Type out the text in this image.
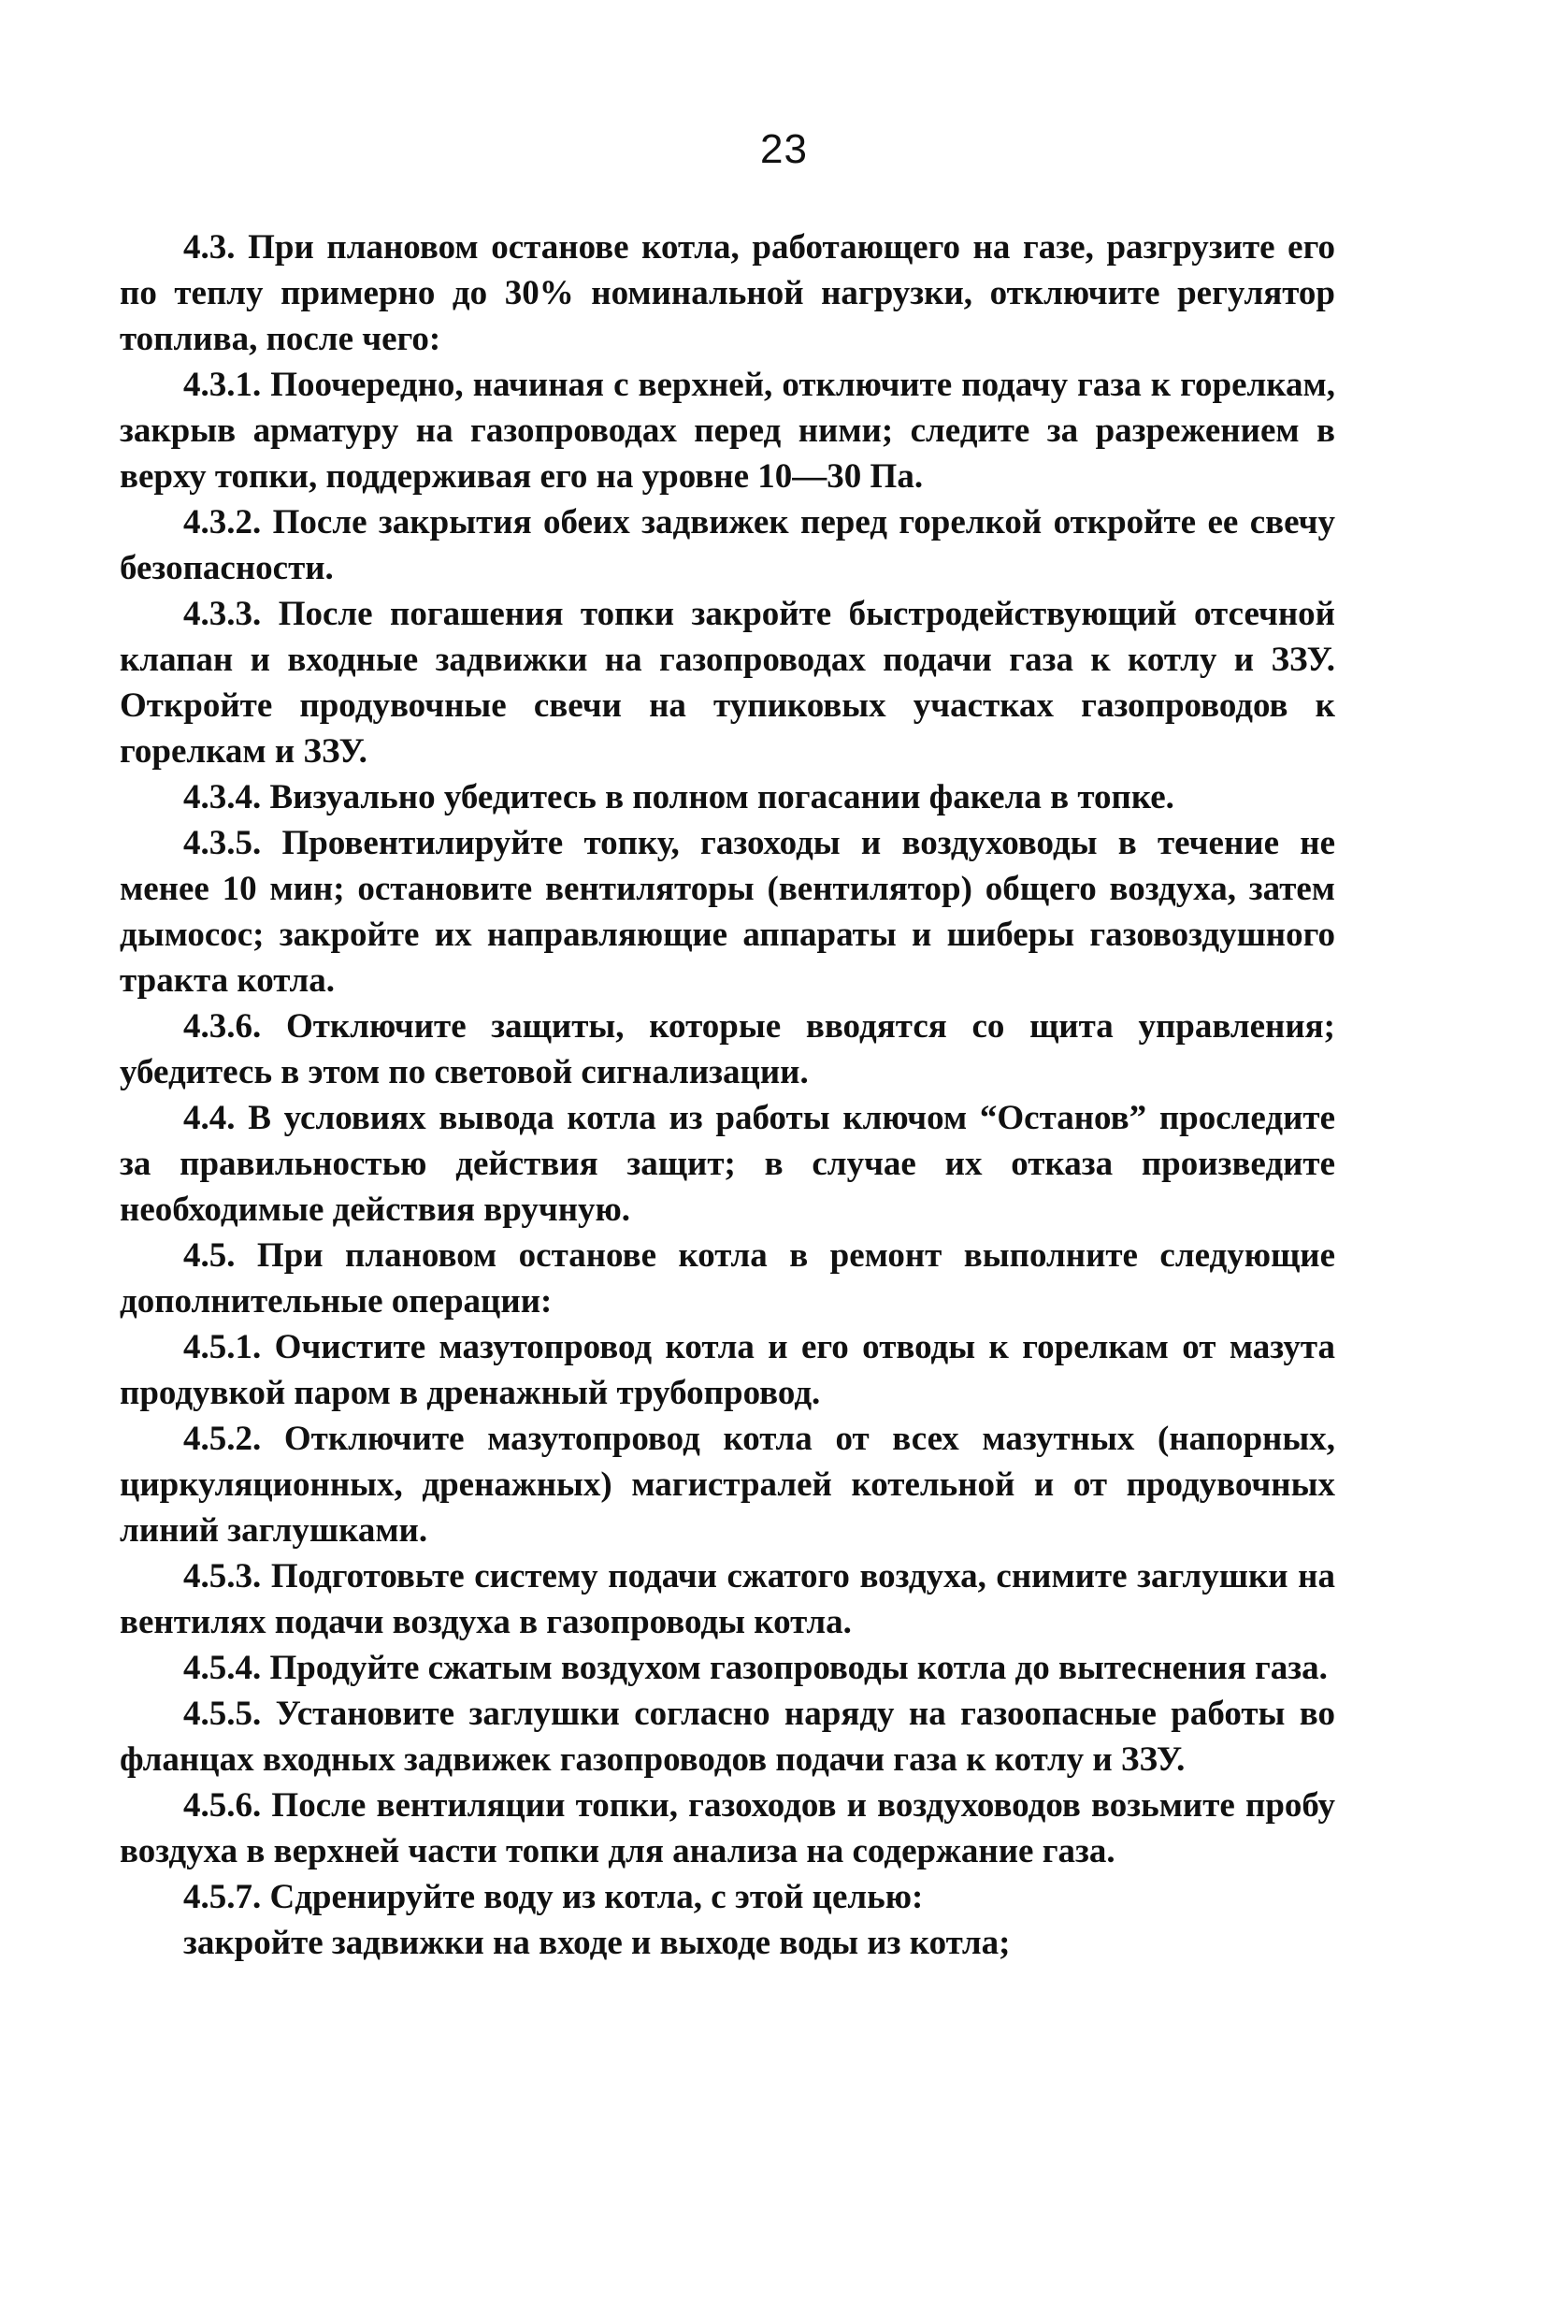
23

4.3. При плановом останове котла, работающего на газе, разгрузите его по теплу примерно до 30% номинальной нагрузки, отключите регулятор топлива, после чего:

4.3.1. Поочередно, начиная с верхней, отключите подачу газа к горелкам, закрыв арматуру на газопроводах перед ними; следите за разрежением в верху топки, поддерживая его на уровне 10—30 Па.

4.3.2. После закрытия обеих задвижек перед горелкой откройте ее свечу безопасности.

4.3.3. После погашения топки закройте быстродействующий отсечной клапан и входные задвижки на газопроводах подачи газа к котлу и ЗЗУ. Откройте продувочные свечи на тупиковых участках газопроводов к горелкам и ЗЗУ.

4.3.4. Визуально убедитесь в полном погасании факела в топке.

4.3.5. Провентилируйте топку, газоходы и воздуховоды в течение не менее 10 мин; остановите вентиляторы (вентилятор) общего воздуха, затем дымосос; закройте их направляющие аппараты и шиберы газовоздушного тракта котла.

4.3.6. Отключите защиты, которые вводятся со щита управления; убедитесь в этом по световой сигнализации.

4.4. В условиях вывода котла из работы ключом “Останов” проследите за правильностью действия защит; в случае их отказа произведите необходимые действия вручную.

4.5. При плановом останове котла в ремонт выполните следующие дополнительные операции:

4.5.1. Очистите мазутопровод котла и его отводы к горелкам от мазута продувкой паром в дренажный трубопровод.

4.5.2. Отключите мазутопровод котла от всех мазутных (напорных, циркуляционных, дренажных) магистралей котельной и от продувочных линий заглушками.

4.5.3. Подготовьте систему подачи сжатого воздуха, снимите заглушки на вентилях подачи воздуха в газопроводы котла.

4.5.4. Продуйте сжатым воздухом газопроводы котла до вытеснения газа.

4.5.5. Установите заглушки согласно наряду на газоопасные работы во фланцах входных задвижек газопроводов подачи газа к котлу и ЗЗУ.

4.5.6. После вентиляции топки, газоходов и воздуховодов возьмите пробу воздуха в верхней части топки для анализа на содержание газа.

4.5.7. Сдренируйте воду из котла, с этой целью:

закройте задвижки на входе и выходе воды из котла;
